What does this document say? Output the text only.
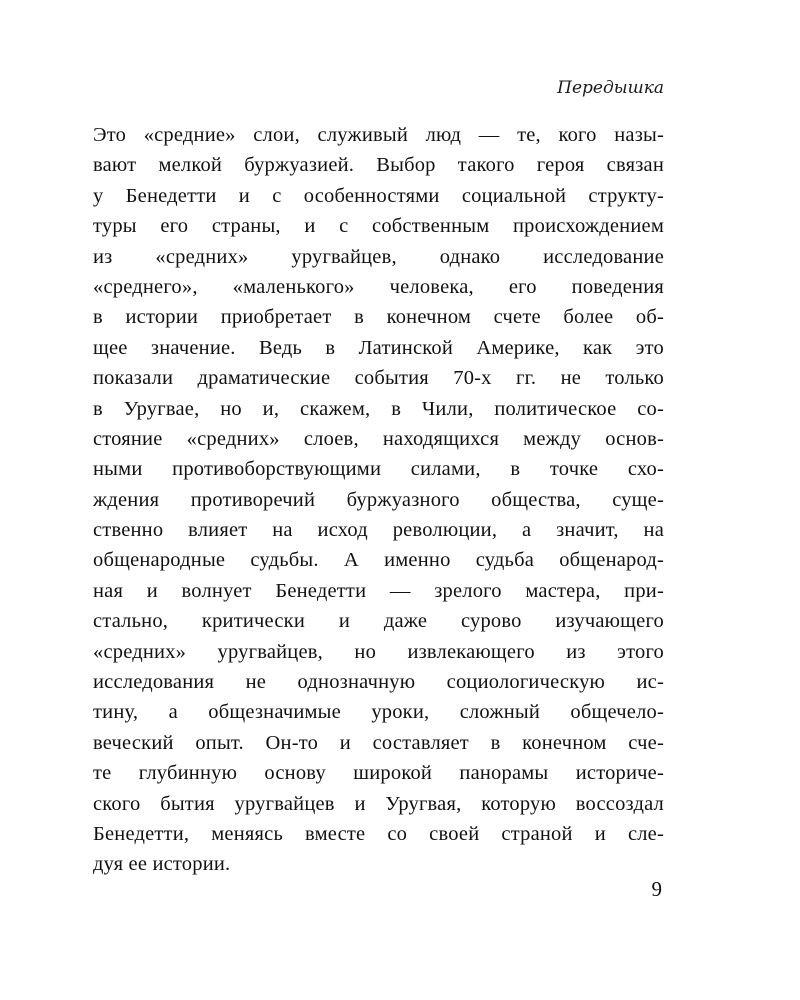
Передышка
Это «средние» слои, служивый люд — те, кого назы-
вают мелкой буржуазией. Выбор такого героя связан
у Бенедетти и с особенностями социальной структу-
туры его страны, и с собственным происхождением
из «средних» уругвайцев, однако исследование
«среднего», «маленького» человека, его поведения
в истории приобретает в конечном счете более об-
щее значение. Ведь в Латинской Америке, как это
показали драматические события 70-х гг. не только
в Уругвае, но и, скажем, в Чили, политическое со-
стояние «средних» слоев, находящихся между основ-
ными противоборствующими силами, в точке схо-
ждения противоречий буржуазного общества, суще-
ственно влияет на исход революции, а значит, на
общенародные судьбы. А именно судьба общенарод-
ная и волнует Бенедетти — зрелого мастера, при-
стально, критически и даже сурово изучающего
«средних» уругвайцев, но извлекающего из этого
исследования не однозначную социологическую ис-
тину, а общезначимые уроки, сложный общечело-
веческий опыт. Он-то и составляет в конечном сче-
те глубинную основу широкой панорамы историче-
ского бытия уругвайцев и Уругвая, которую воссоздал
Бенедетти, меняясь вместе со своей страной и сле-
дуя ее истории.
9
